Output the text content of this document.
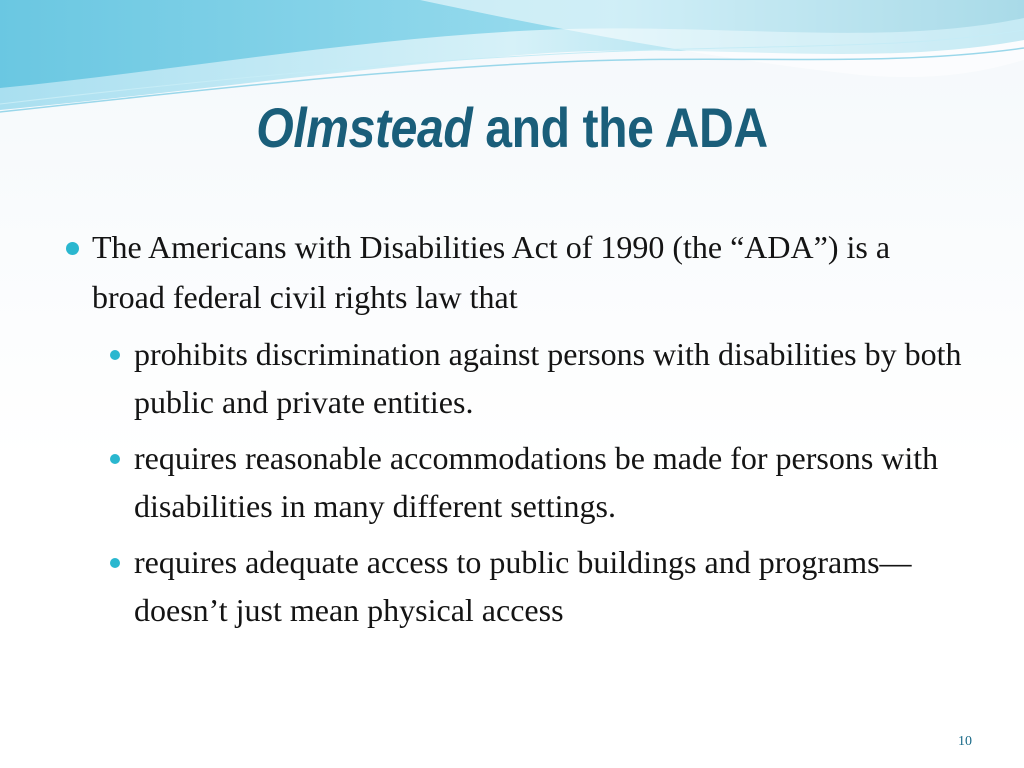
Olmstead and the ADA
The Americans with Disabilities Act of 1990 (the “ADA”) is a broad federal civil rights law that
prohibits discrimination against persons with disabilities by both public and private entities.
requires reasonable accommodations be made for persons with disabilities in many different settings.
requires adequate access to public buildings and programs—doesn’t just mean physical access
10
